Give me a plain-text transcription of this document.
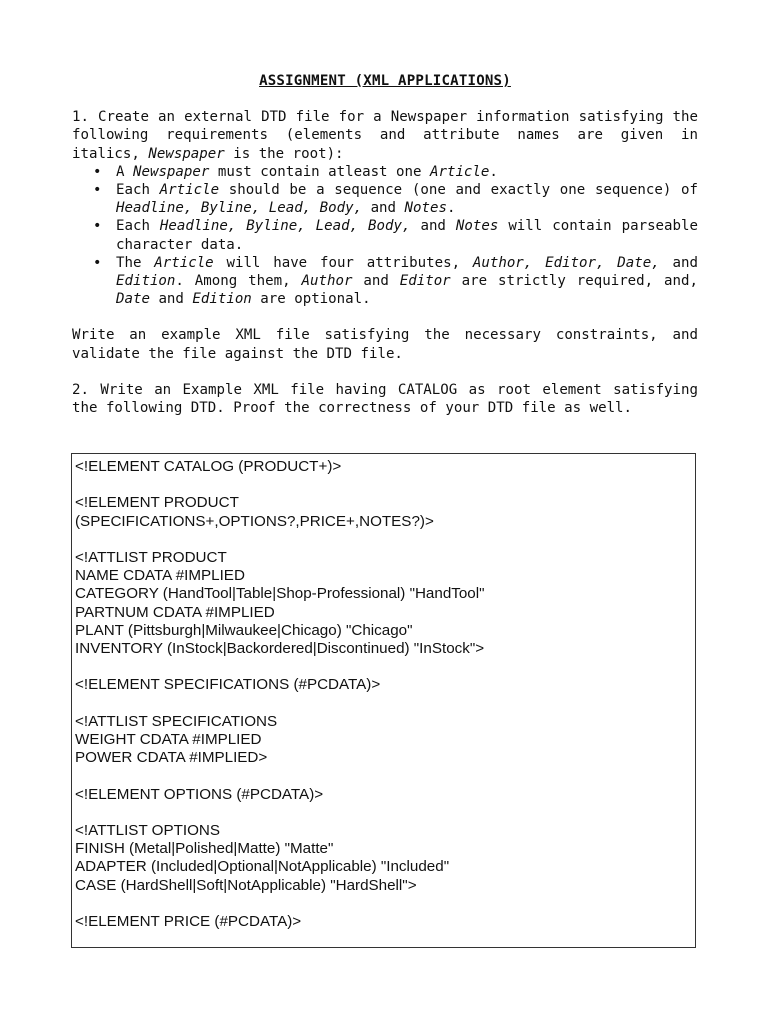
ASSIGNMENT (XML APPLICATIONS)

1. Create an external DTD file for a Newspaper information satisfying the following requirements (elements and attribute names are given in italics, Newspaper is the root):

• A Newspaper must contain atleast one Article.
• Each Article should be a sequence (one and exactly one sequence) of Headline, Byline, Lead, Body, and Notes.
• Each Headline, Byline, Lead, Body, and Notes will contain parseable character data.
• The Article will have four attributes, Author, Editor, Date, and Edition. Among them, Author and Editor are strictly required, and, Date and Edition are optional.

Write an example XML file satisfying the necessary constraints, and validate the file against the DTD file.

2. Write an Example XML file having CATALOG as root element satisfying the following DTD. Proof the correctness of your DTD file as well.

<!ELEMENT CATALOG (PRODUCT+)>
<!ELEMENT PRODUCT
(SPECIFICATIONS+,OPTIONS?,PRICE+,NOTES?)>
<!ATTLIST PRODUCT
NAME CDATA #IMPLIED
CATEGORY (HandTool|Table|Shop-Professional) "HandTool"
PARTNUM CDATA #IMPLIED
PLANT (Pittsburgh|Milwaukee|Chicago) "Chicago"
INVENTORY (InStock|Backordered|Discontinued) "InStock">
<!ELEMENT SPECIFICATIONS (#PCDATA)>
<!ATTLIST SPECIFICATIONS
WEIGHT CDATA #IMPLIED
POWER CDATA #IMPLIED>
<!ELEMENT OPTIONS (#PCDATA)>
<!ATTLIST OPTIONS
FINISH (Metal|Polished|Matte) "Matte"
ADAPTER (Included|Optional|NotApplicable) "Included"
CASE (HardShell|Soft|NotApplicable) "HardShell">
<!ELEMENT PRICE (#PCDATA)>
